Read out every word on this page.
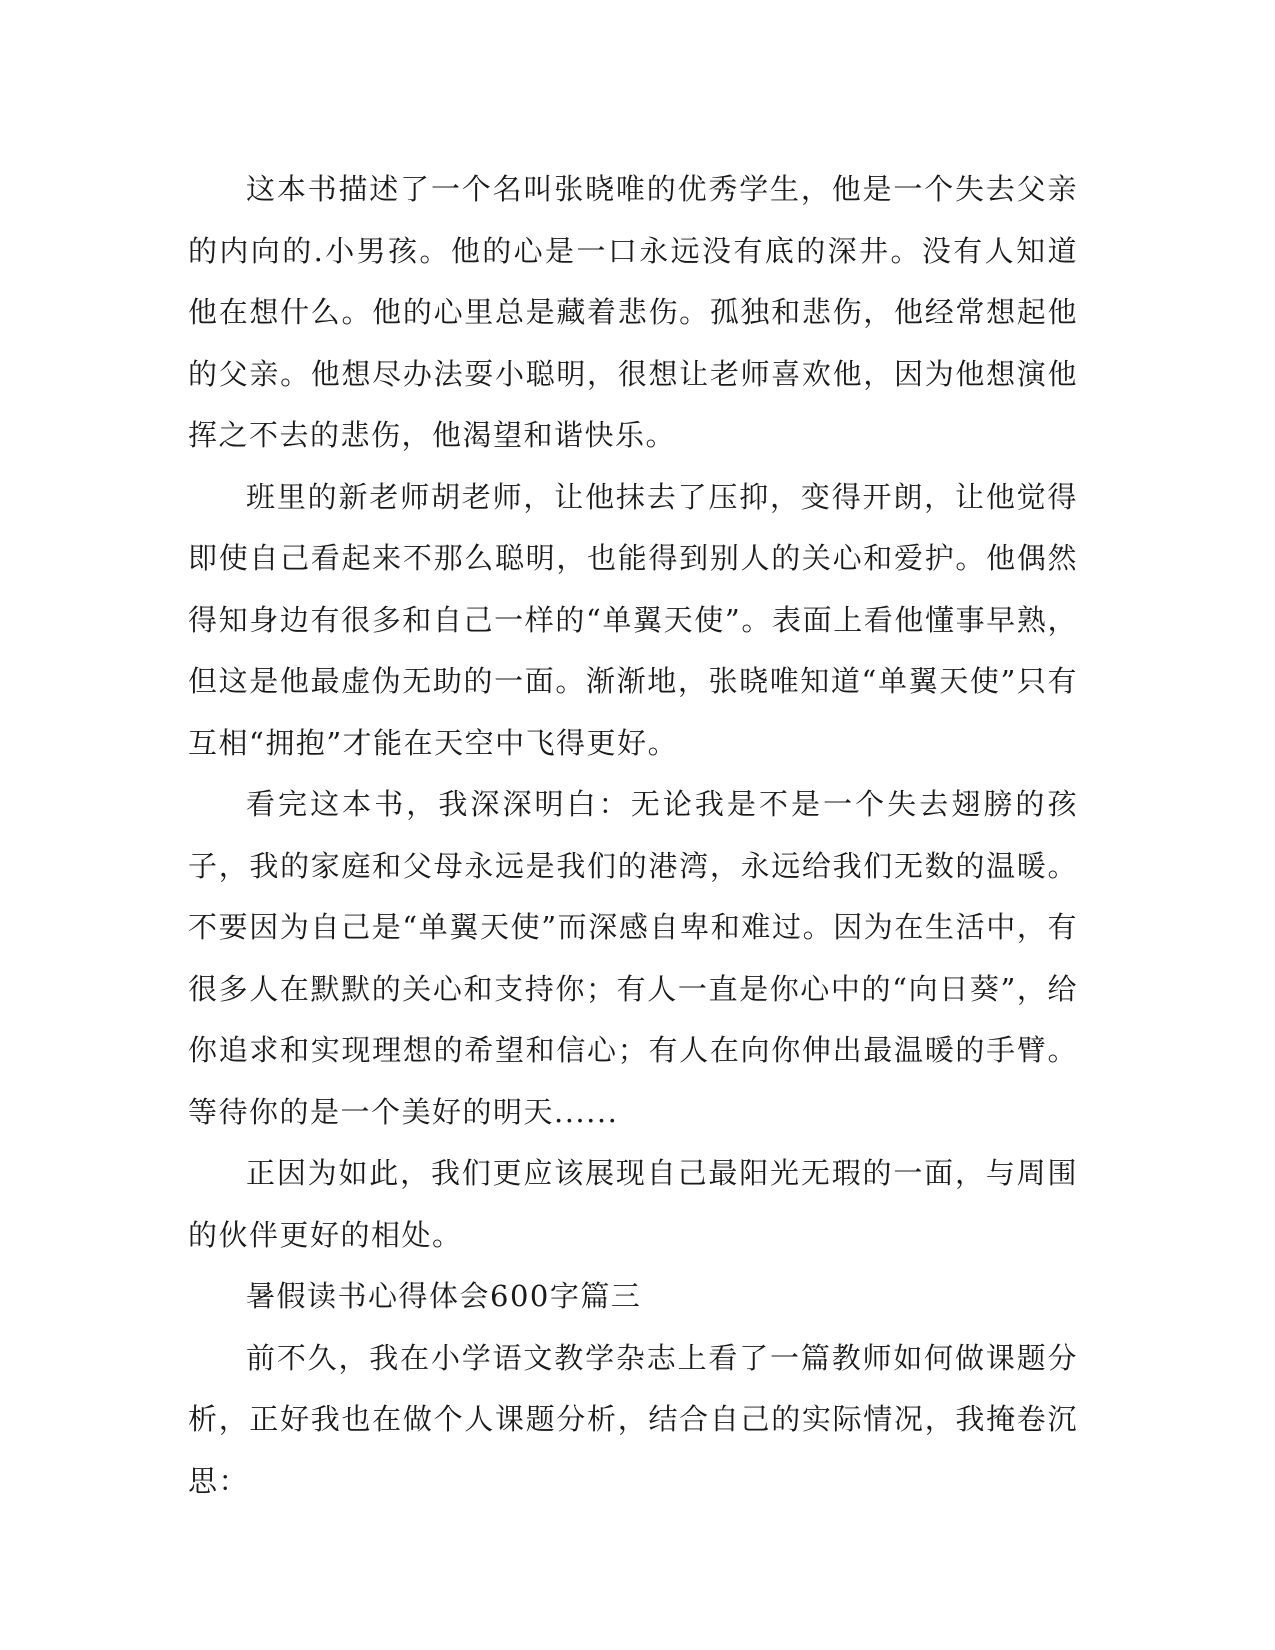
这本书描述了一个名叫张晓唯的优秀学生，他是一个失去父亲的内向的.小男孩。他的心是一口永远没有底的深井。没有人知道他在想什么。他的心里总是藏着悲伤。孤独和悲伤，他经常想起他的父亲。他想尽办法耍小聪明，很想让老师喜欢他，因为他想演他挥之不去的悲伤，他渴望和谐快乐。

班里的新老师胡老师，让他抹去了压抑，变得开朗，让他觉得即使自己看起来不那么聪明，也能得到别人的关心和爱护。他偶然得知身边有很多和自己一样的“单翼天使”。表面上看他懂事早熟，但这是他最虚伪无助的一面。渐渐地，张晓唯知道“单翼天使”只有互相“拥抱”才能在天空中飞得更好。

看完这本书，我深深明白：无论我是不是一个失去翅膀的孩子，我的家庭和父母永远是我们的港湾，永远给我们无数的温暖。不要因为自己是“单翼天使”而深感自卑和难过。因为在生活中，有很多人在默默的关心和支持你；有人一直是你心中的“向日葵”，给你追求和实现理想的希望和信心；有人在向你伸出最温暖的手臂。等待你的是一个美好的明天......

正因为如此，我们更应该展现自己最阳光无瑕的一面，与周围的伙伴更好的相处。

暑假读书心得体会600字篇三

前不久，我在小学语文教学杂志上看了一篇教师如何做课题分析，正好我也在做个人课题分析，结合自己的实际情况，我掩卷沉思：
